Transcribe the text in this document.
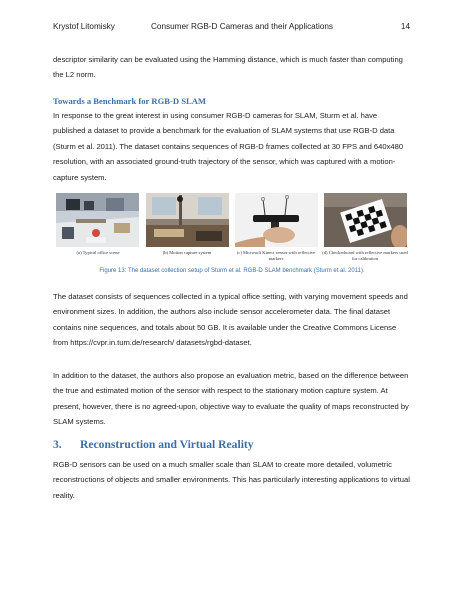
Krystof Litomisky	Consumer RGB-D Cameras and their Applications	14
descriptor similarity can be evaluated using the Hamming distance, which is much faster than computing the L2 norm.
Towards a Benchmark for RGB-D SLAM
In response to the great interest in using consumer RGB-D cameras for SLAM, Sturm et al. have published a dataset to provide a benchmark for the evaluation of SLAM systems that use RGB-D data (Sturm et al. 2011). The dataset contains sequences of RGB-D frames collected at 30 FPS and 640x480 resolution, with an associated ground-truth trajectory of the sensor, which was captured with a motion-capture system.
(a) Typical office scene	(b) Motion capture system	(c) Microsoft Kinect sensor with reflective markers
(d) Checkerboard with reflective markers used for calibration
Figure 13: The dataset collection setup of Sturm et al. RGB-D SLAM benchmark (Sturm et al. 2011).
The dataset consists of sequences collected in a typical office setting, with varying movement speeds and environment sizes. In addition, the authors also include sensor accelerometer data. The final dataset contains nine sequences, and totals about 50 GB. It is available under the Creative Commons License from https://cvpr.in.tum.de/research/ datasets/rgbd-dataset.
In addition to the dataset, the authors also propose an evaluation metric, based on the difference between the true and estimated motion of the sensor with respect to the stationary motion capture system. At present, however, there is no agreed-upon, objective way to evaluate the quality of maps reconstructed by SLAM systems.
3. Reconstruction and Virtual Reality
RGB-D sensors can be used on a much smaller scale than SLAM to create more detailed, volumetric reconstructions of objects and smaller environments. This has particularly interesting applications to virtual reality.
